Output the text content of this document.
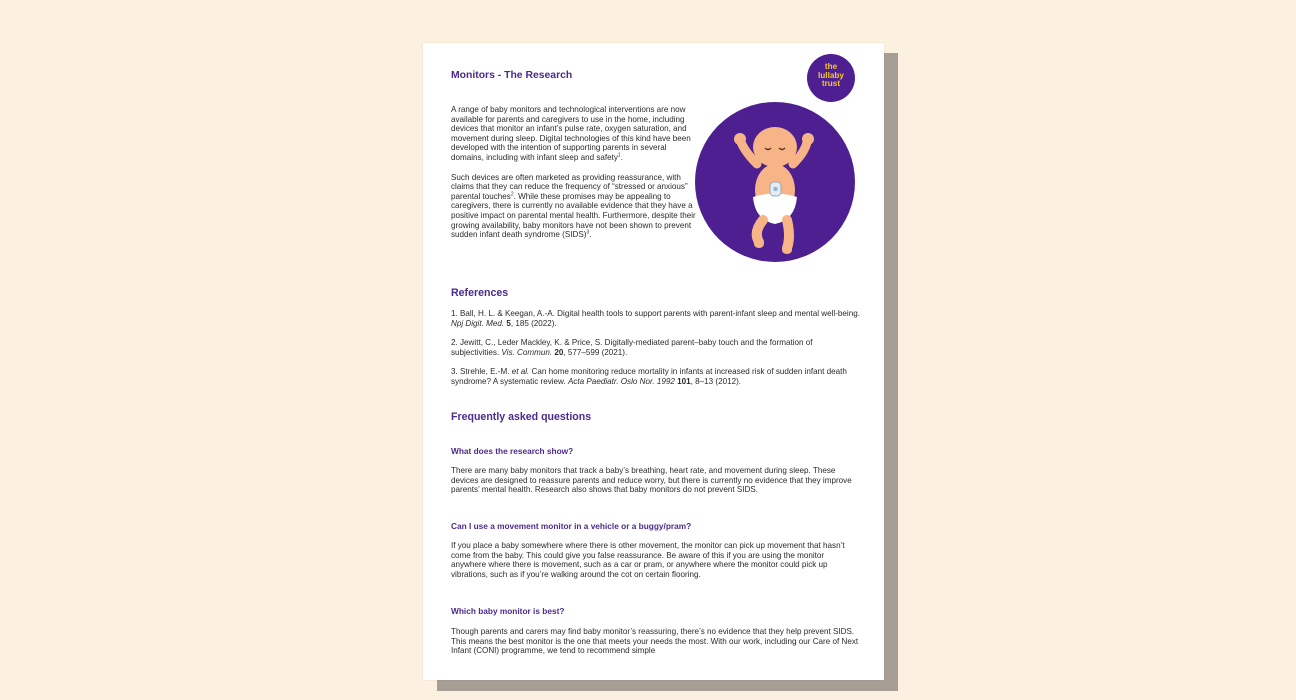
Monitors - The Research
the
lullaby
trust

A range of baby monitors and technological interventions are now available for parents and caregivers to use in the home, including devices that monitor an infant’s pulse rate, oxygen saturation, and movement during sleep. Digital technologies of this kind have been developed with the intention of supporting parents in several domains, including with infant sleep and safety$^1$.

Such devices are often marketed as providing reassurance, with claims that they can reduce the frequency of “stressed or anxious” parental touches$^2$. While these promises may be appealing to caregivers, there is currently no available evidence that they have a positive impact on parental mental health. Furthermore, despite their growing availability, baby monitors have not been shown to prevent sudden infant death syndrome (SIDS)$^3$.

References

1. Ball, H. L. & Keegan, A.-A. Digital health tools to support parents with parent-infant sleep and mental well-being. Npj Digit. Med. 5, 185 (2022).

2. Jewitt, C., Leder Mackley, K. & Price, S. Digitally-mediated parent–baby touch and the formation of subjectivities. Vis. Commun. 20, 577–599 (2021).

3. Strehle, E.-M. et al. Can home monitoring reduce mortality in infants at increased risk of sudden infant death syndrome? A systematic review. Acta Paediatr. Oslo Nor. 1992 101, 8–13 (2012).

Frequently asked questions
What does the research show?
There are many baby monitors that track a baby’s breathing, heart rate, and movement during sleep. These devices are designed to reassure parents and reduce worry, but there is currently no evidence that they improve parents’ mental health. Research also shows that baby monitors do not prevent SIDS.
Can I use a movement monitor in a vehicle or a buggy/pram?
If you place a baby somewhere where there is other movement, the monitor can pick up movement that hasn’t come from the baby. This could give you false reassurance. Be aware of this if you are using the monitor anywhere where there is movement, such as a car or pram, or anywhere where the monitor could pick up vibrations, such as if you’re walking around the cot on certain flooring.
Which baby monitor is best?
Though parents and carers may find baby monitor’s reassuring, there’s no evidence that they help prevent SIDS. This means the best monitor is the one that meets your needs the most. With our work, including our Care of Next Infant (CONI) programme, we tend to recommend simple
